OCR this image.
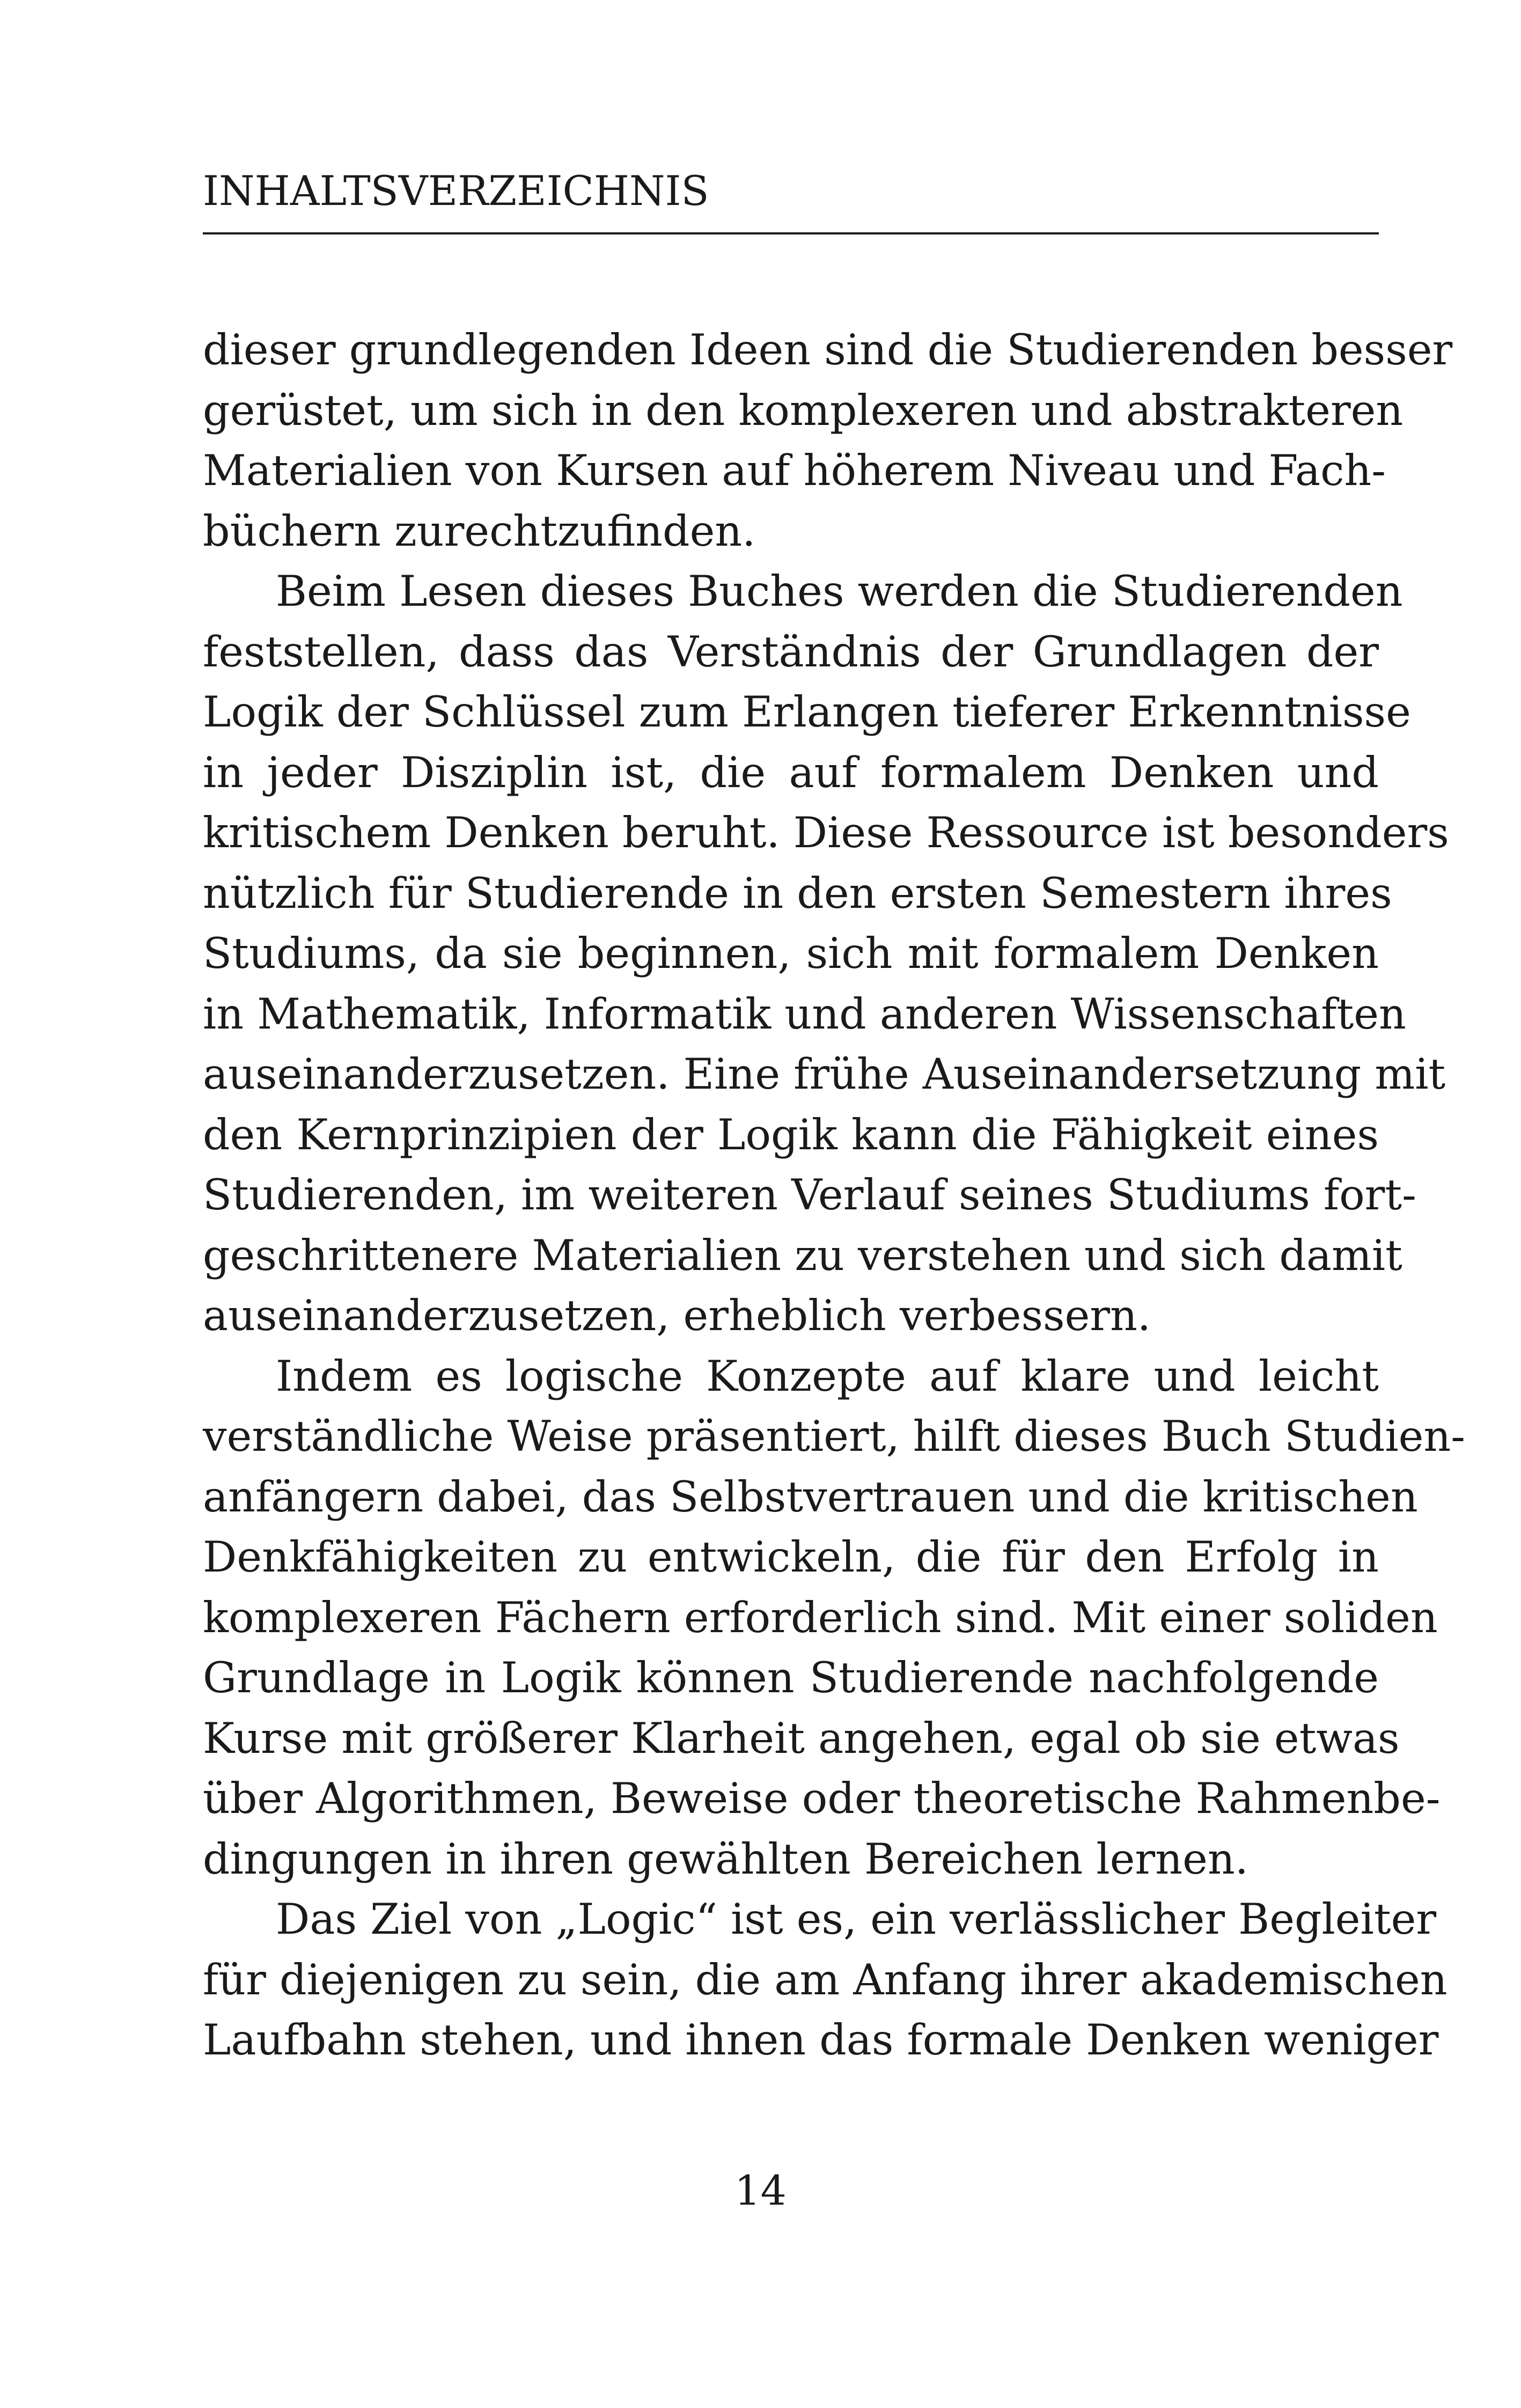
INHALTSVERZEICHNIS
dieser grundlegenden Ideen sind die Studierenden besser
gerüstet, um sich in den komplexeren und abstrakteren
Materialien von Kursen auf höherem Niveau und Fach-
büchern zurechtzufinden.
Beim Lesen dieses Buches werden die Studierenden
feststellen, dass das Verständnis der Grundlagen der
Logik der Schlüssel zum Erlangen tieferer Erkenntnisse
in jeder Disziplin ist, die auf formalem Denken und
kritischem Denken beruht. Diese Ressource ist besonders
nützlich für Studierende in den ersten Semestern ihres
Studiums, da sie beginnen, sich mit formalem Denken
in Mathematik, Informatik und anderen Wissenschaften
auseinanderzusetzen. Eine frühe Auseinandersetzung mit
den Kernprinzipien der Logik kann die Fähigkeit eines
Studierenden, im weiteren Verlauf seines Studiums fort-
geschrittenere Materialien zu verstehen und sich damit
auseinanderzusetzen, erheblich verbessern.
Indem es logische Konzepte auf klare und leicht
verständliche Weise präsentiert, hilft dieses Buch Studien-
anfängern dabei, das Selbstvertrauen und die kritischen
Denkfähigkeiten zu entwickeln, die für den Erfolg in
komplexeren Fächern erforderlich sind. Mit einer soliden
Grundlage in Logik können Studierende nachfolgende
Kurse mit größerer Klarheit angehen, egal ob sie etwas
über Algorithmen, Beweise oder theoretische Rahmenbe-
dingungen in ihren gewählten Bereichen lernen.
Das Ziel von „Logic“ ist es, ein verlässlicher Begleiter
für diejenigen zu sein, die am Anfang ihrer akademischen
Laufbahn stehen, und ihnen das formale Denken weniger
14
